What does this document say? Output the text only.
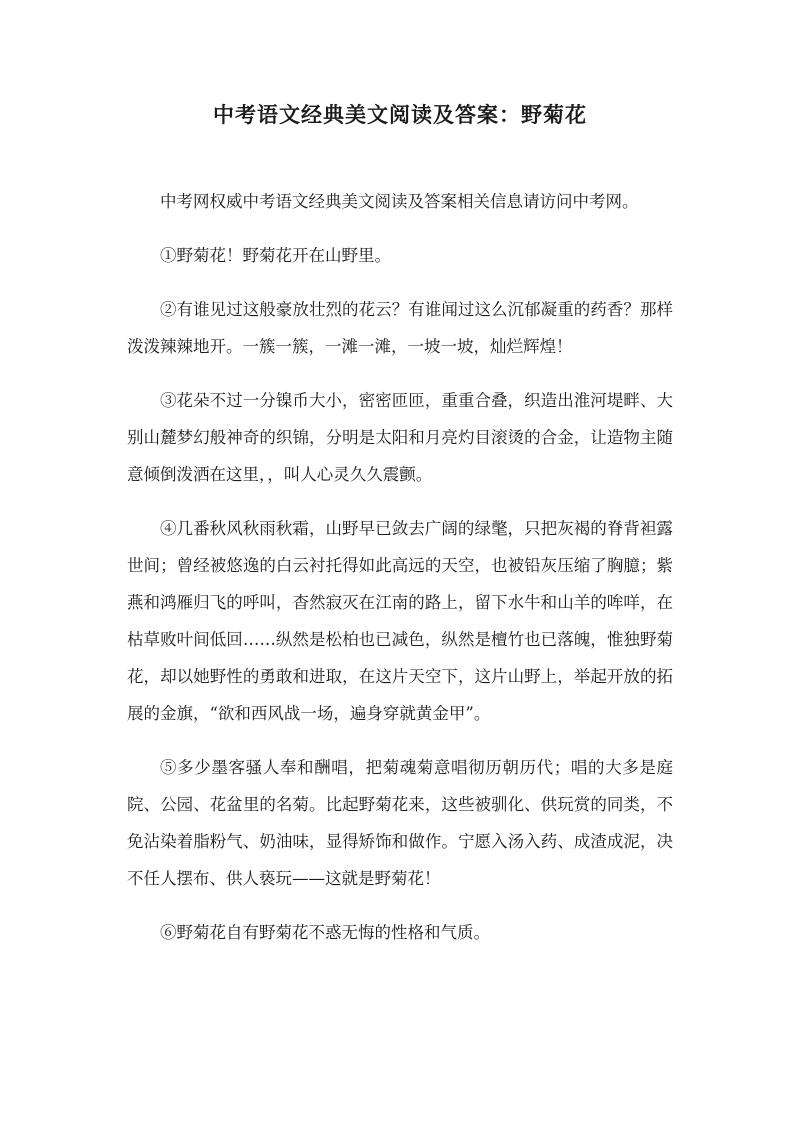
中考语文经典美文阅读及答案：野菊花

中考网权威中考语文经典美文阅读及答案相关信息请访问中考网。

①野菊花！野菊花开在山野里。

②有谁见过这般豪放壮烈的花云？有谁闻过这么沉郁凝重的药香？那样泼泼辣辣地开。一簇一簇，一滩一滩，一坡一坡，灿烂辉煌！

③花朵不过一分镍币大小，密密匝匝，重重合叠，织造出淮河堤畔、大别山麓梦幻般神奇的织锦，分明是太阳和月亮灼目滚烫的合金，让造物主随意倾倒泼洒在这里，，叫人心灵久久震颤。

④几番秋风秋雨秋霜，山野早已敛去广阔的绿氅，只把灰褐的脊背袒露世间；曾经被悠逸的白云衬托得如此高远的天空，也被铅灰压缩了胸臆；紫燕和鸿雁归飞的呼叫，杳然寂灭在江南的路上，留下水牛和山羊的哞咩，在枯草败叶间低回……纵然是松柏也已减色，纵然是檀竹也已落魄，惟独野菊花，却以她野性的勇敢和进取，在这片天空下，这片山野上，举起开放的拓展的金旗，“欲和西风战一场，遍身穿就黄金甲”。

⑤多少墨客骚人奉和酬唱，把菊魂菊意唱彻历朝历代；唱的大多是庭院、公园、花盆里的名菊。比起野菊花来，这些被驯化、供玩赏的同类，不免沾染着脂粉气、奶油味，显得矫饰和做作。宁愿入汤入药、成渣成泥，决不任人摆布、供人亵玩——这就是野菊花！

⑥野菊花自有野菊花不惑无悔的性格和气质。
